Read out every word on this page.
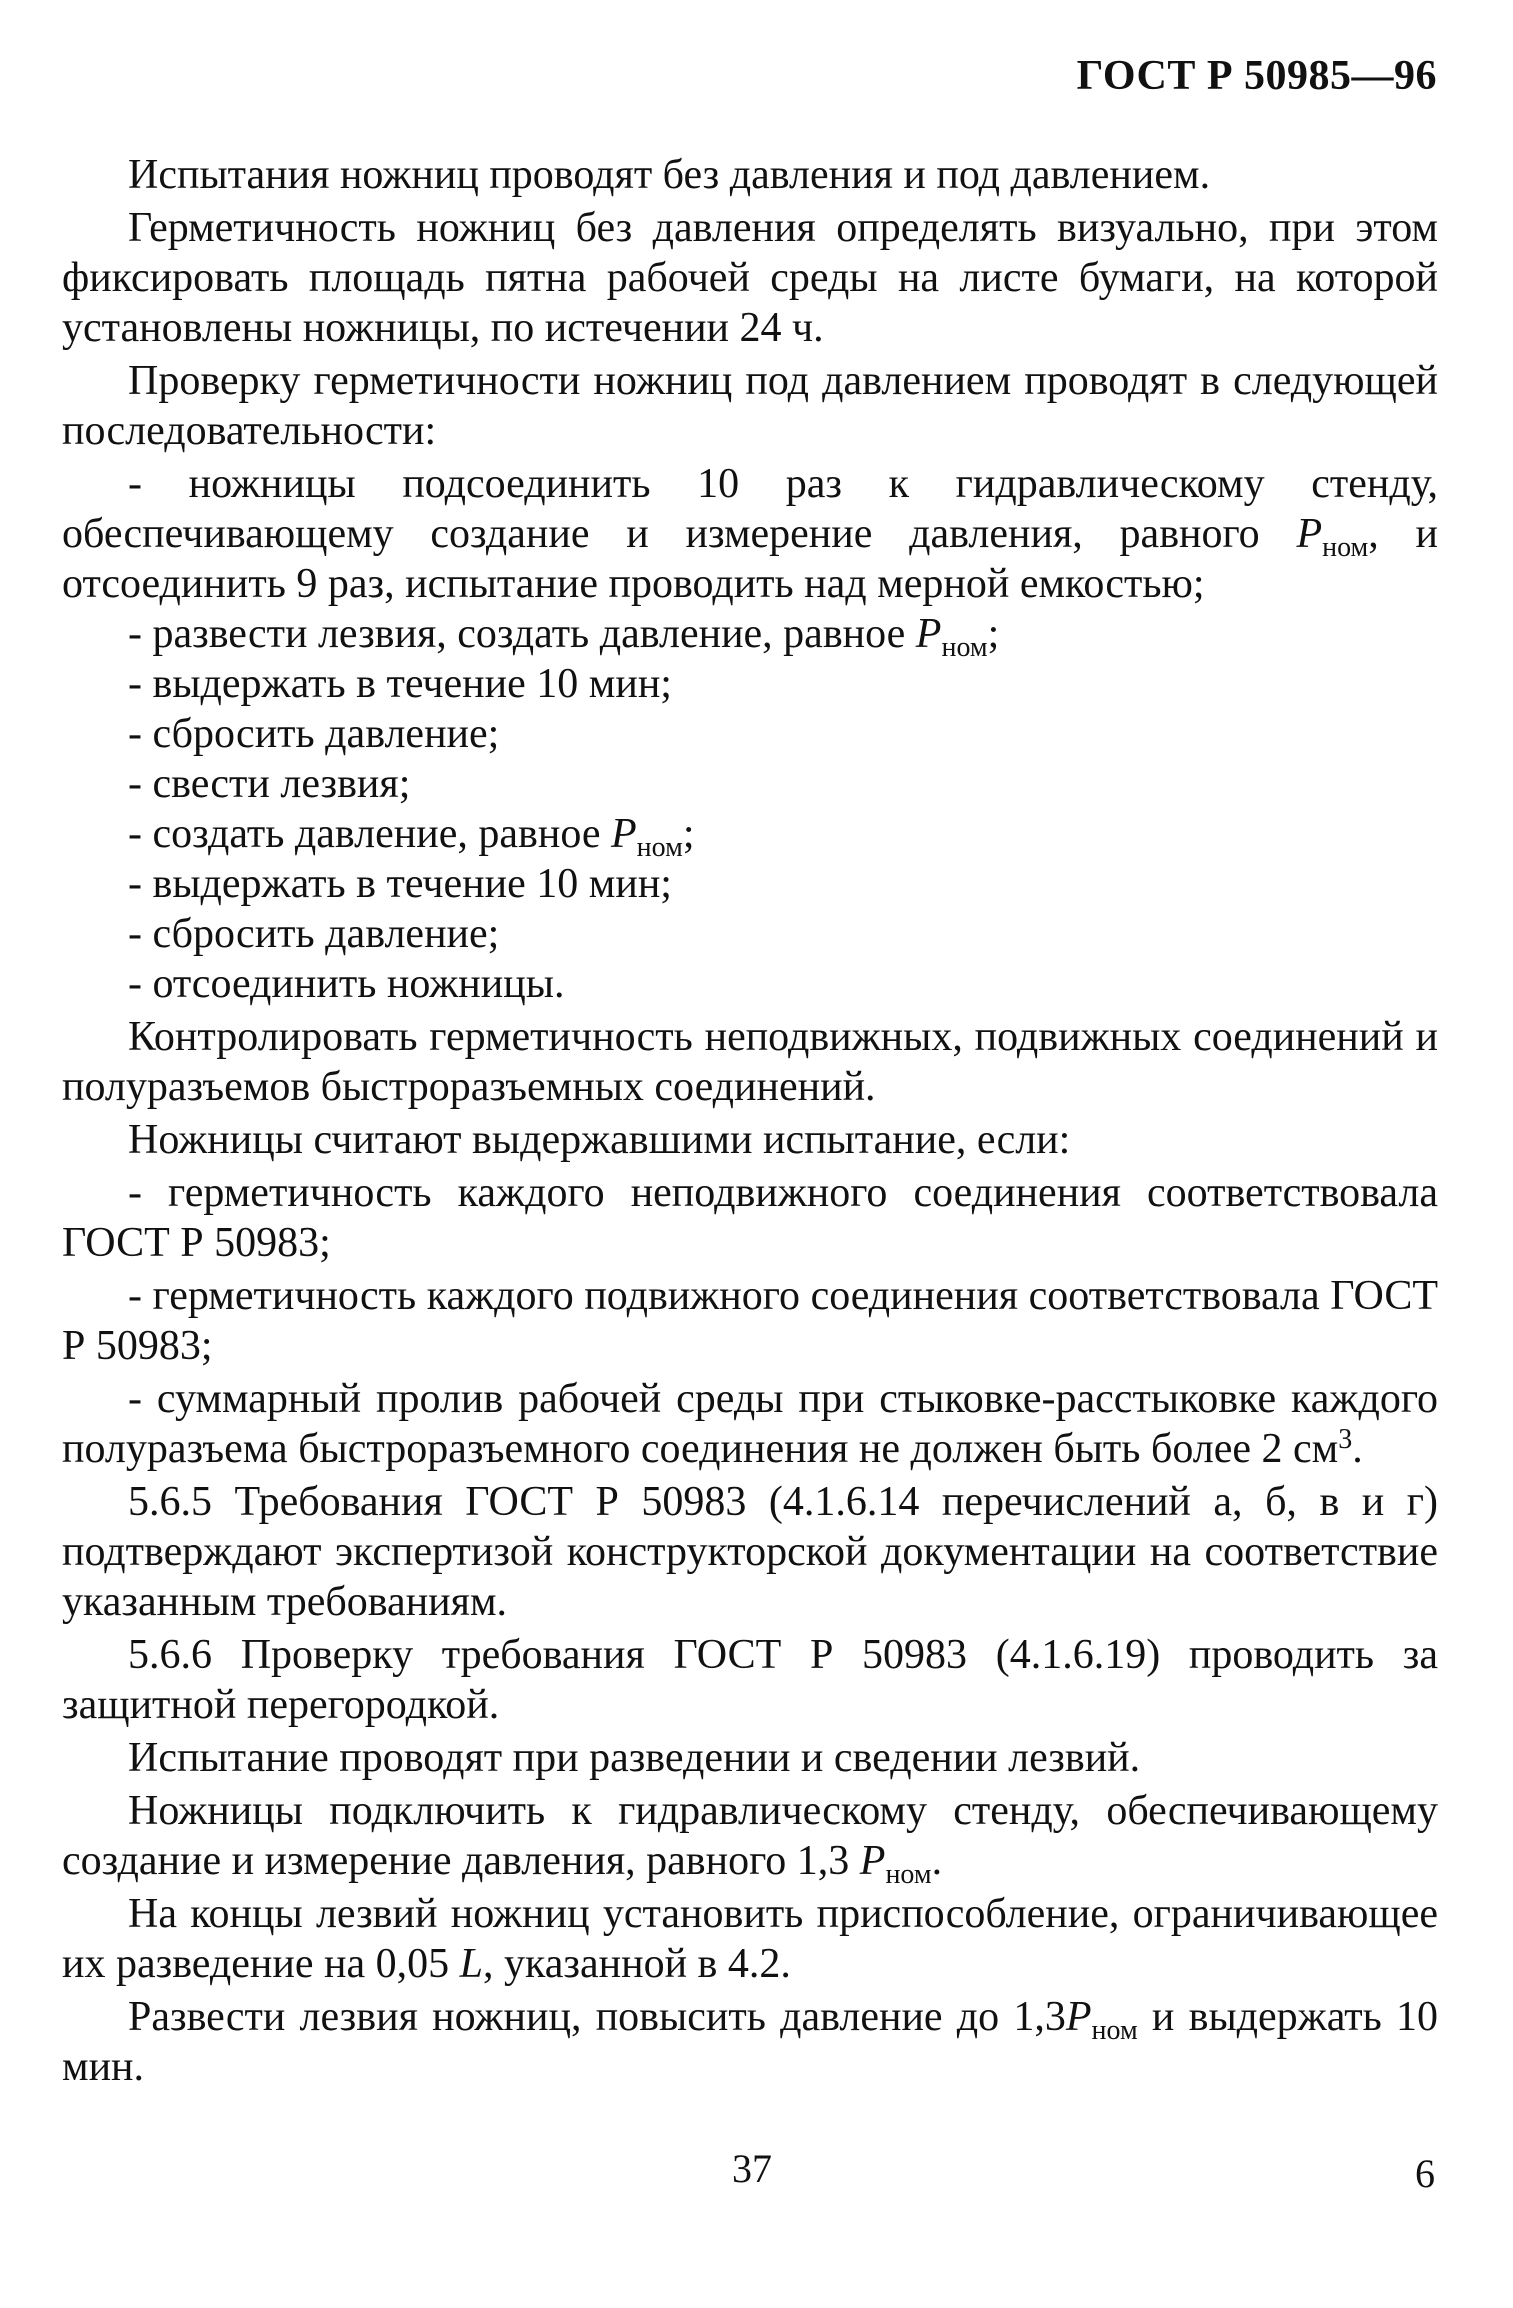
ГОСТ Р 50985—96

Испытания ножниц проводят без давления и под давлением.

Герметичность ножниц без давления определять визуально, при этом фиксировать площадь пятна рабочей среды на листе бумаги, на которой установлены ножницы, по истечении 24 ч.

Проверку герметичности ножниц под давлением проводят в следующей последовательности:

- ножницы подсоединить 10 раз к гидравлическому стенду, обеспечивающему создание и измерение давления, равного $P_{ном}$, и отсоединить 9 раз, испытание проводить над мерной емкостью;

- развести лезвия, создать давление, равное $P_{ном}$;

- выдержать в течение 10 мин;

- сбросить давление;

- свести лезвия;

- создать давление, равное $P_{ном}$;

- выдержать в течение 10 мин;

- сбросить давление;

- отсоединить ножницы.

Контролировать герметичность неподвижных, подвижных соединений и полуразъемов быстроразъемных соединений.

Ножницы считают выдержавшими испытание, если:

- герметичность каждого неподвижного соединения соответствовала ГОСТ Р 50983;

- герметичность каждого подвижного соединения соответствовала ГОСТ Р 50983;

- суммарный пролив рабочей среды при стыковке-расстыковке каждого полуразъема быстроразъемного соединения не должен быть более 2 $см^3$.

5.6.5 Требования ГОСТ Р 50983 (4.1.6.14 перечислений а, б, в и г) подтверждают экспертизой конструкторской документации на соответствие указанным требованиям.

5.6.6 Проверку требования ГОСТ Р 50983 (4.1.6.19) проводить за защитной перегородкой.

Испытание проводят при разведении и сведении лезвий.

Ножницы подключить к гидравлическому стенду, обеспечивающему создание и измерение давления, равного 1,3 $P_{ном}$.

На концы лезвий ножниц установить приспособление, ограничивающее их разведение на 0,05 L, указанной в 4.2.

Развести лезвия ножниц, повысить давление до $1,3P_{ном}$ и выдержать 10 мин.

37	6
